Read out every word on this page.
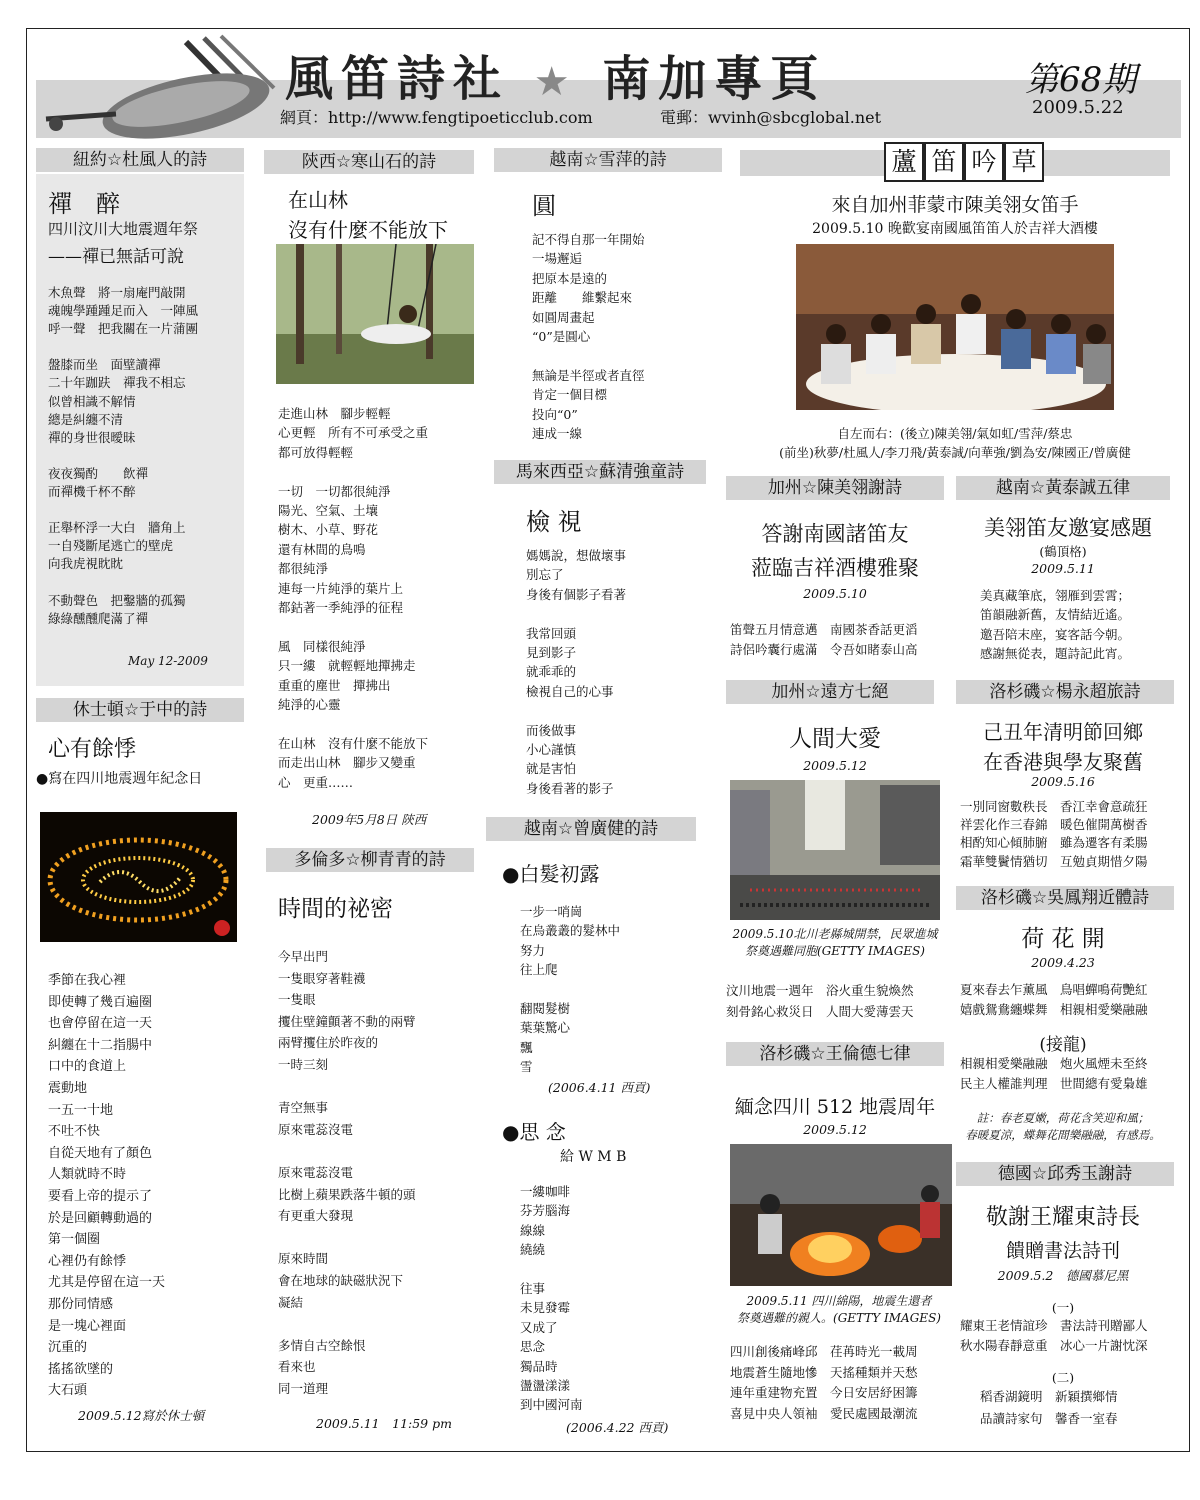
風笛詩社 ★ 南加專頁	第68期
2009.5.22
網頁：http://www.fengtipoeticclub.com	電郵：wvinh@sbcglobal.net
紐約☆杜風人的詩
禪　醉
四川汶川大地震週年祭
——禪已無話可說
木魚聲　將一扇庵門敲開
魂魄學踵踵足而入　一陣風
呼一聲　把我關在一片蒲團

盤膝而坐　面壁讀禪
二十年跏趺　禪我不相忘
似曾相識不解情
總是糾纏不清
禪的身世很曖昧

夜夜獨酌　　飲禪
而禪機千杯不醉

正舉杯浮一大白　牆角上
一自殘斷尾逃亡的壁虎
向我虎視眈眈

不動聲色　把鑿牆的孤獨
綠綠醺醺爬滿了禪
May 12-2009
休士頓☆于中的詩
心有餘悸
●寫在四川地震週年紀念日
季節在我心裡
即使轉了幾百遍圈
也會停留在這一天
糾纏在十二指腸中
口中的食道上
震動地
一五一十地
不吐不快
自從天地有了顏色
人類就時不時
要看上帝的提示了
於是回顧轉動過的
第一個圈
心裡仍有餘悸
尤其是停留在這一天
那份同情感
是一塊心裡面
沉重的
搖搖欲墜的
大石頭
2009.5.12寫於休士頓
陝西☆寒山石的詩
在山林
沒有什麼不能放下
走進山林　腳步輕輕
心更輕　所有不可承受之重
都可放得輕輕

一切　一切都很純淨
陽光、空氣、土壤
樹木、小草、野花
還有林間的鳥鳴
都很純淨
連每一片純淨的葉片上
都鈷著一季純淨的征程

風　同樣很純淨
只一縷　就輕輕地撣拂走
重重的塵世　撣拂出
純淨的心靈

在山林　沒有什麼不能放下
而走出山林　腳步又變重
心　更重……
2009年5月8日 陝西
多倫多☆柳青青的詩
時間的祕密
今早出門
一隻眼穿著鞋襪
一隻眼
攫住壁鐘顫著不動的兩臂
兩臂攫住於昨夜的
一時三刻

青空無事
原來電蕊沒電

原來電蕊沒電
比樹上蘋果跌落牛頓的頭
有更重大發現

原來時間
會在地球的缺磁狀況下
凝結

多情自古空餘恨
看來也
同一道理
2009.5.11　11:59 pm
越南☆雪萍的詩
圓
記不得自那一年開始
一場邂逅
把原本是遠的
距離　　維繫起來
如圓周畫起
“0”是圓心

無論是半徑或者直徑
肯定一個目標
投向“0”
連成一線
馬來西亞☆蘇清強童詩
檢 視
媽媽說，想做壞事
別忘了
身後有個影子看著

我常回頭
見到影子
就乖乖的
檢視自己的心事

而後做事
小心謹慎
就是害怕
身後看著的影子
越南☆曾廣健的詩
●白髮初露
一步一哨崗
在烏叢叢的髮林中
努力
往上爬

翻閱髮樹
葉葉驚心
飄
雪
(2006.4.11 西貢)
●思 念
給 W M B
一縷咖啡
芬芳腦海
線線
繞繞

往事
未見發霉
又成了
思念
獨品時
盪盪漾漾
到中國河南
(2006.4.22 西貢)
蘆 笛 吟 草
來自加州菲蒙市陳美翎女笛手
2009.5.10 晚歡宴南國風笛笛人於吉祥大酒樓
自左而右：(後立)陳美翎/氣如虹/雪萍/蔡忠
(前坐)秋夢/杜風人/李刀飛/黃泰誠/向華強/劉為安/陳國正/曾廣健
加州☆陳美翎謝詩
答謝南國諸笛友
蒞臨吉祥酒樓雅聚
2009.5.10
笛聲五月情意邁　南國茶香話更滔
詩侶吟囊行處滿　令吾如睹泰山高
加州☆遠方七絕
人間大愛
2009.5.12
2009.5.10北川老縣城開禁，民眾進城
祭奠遇難同胞(GETTY IMAGES)
汶川地震一週年　浴火重生貌煥然
刻骨銘心救災日　人間大愛薄雲天
洛杉磯☆王倫德七律
緬念四川 512 地震周年
2009.5.12
2009.5.11 四川綿陽，地震生還者
祭奠遇難的親人。(GETTY IMAGES)
四川創後痛峰邱　荏苒時光一載周
地震蒼生隨地慘　天搖種類并天愁
連年重建物充置　今日安居紓困籌
喜見中央人領袖　愛民處國最潮流
越南☆黃泰誠五律
美翎笛友邀宴感題
(鶴頂格)
2009.5.11
美真藏筆底，翎雁到雲霄；
笛韻融新舊，友情結近遙。
邀吾陪末座，宴客話今朝。
感謝無從表，題詩記此宵。
洛杉磯☆楊永超旅詩
己丑年清明節回鄉
在香港與學友聚舊
2009.5.16
一別同窗數秩長　香江幸會意疏狂
祥雲化作三春錦　暖色催開萬樹香
相酌知心傾肺腑　雖為遷客有柔腸
霜華雙鬢情猶切　互勉貞期惜夕陽
洛杉磯☆吳鳳翔近體詩
荷 花 開
2009.4.23
夏來春去乍薰風　鳥唱蟬鳴荷艷紅
嬉戲鴛鴦纏蝶舞　相親相愛樂融融
(接龍)
相親相愛樂融融　炮火風煙未至終
民主人權誰判理　世間總有愛梟雄
註：春老夏嫩，荷花含笑迎和風；
春暖夏涼，蝶舞花間樂融融，有感焉。
德國☆邱秀玉謝詩
敬謝王耀東詩長
饋贈書法詩刊
2009.5.2　德國慕尼黑
(一)
耀東王老情誼珍　書法詩刊贈鄙人
秋水陽春靜意重　冰心一片謝忱深
(二)
稻香湖鏡明　新穎撰鄉情
品讀詩家句　馨香一室春
